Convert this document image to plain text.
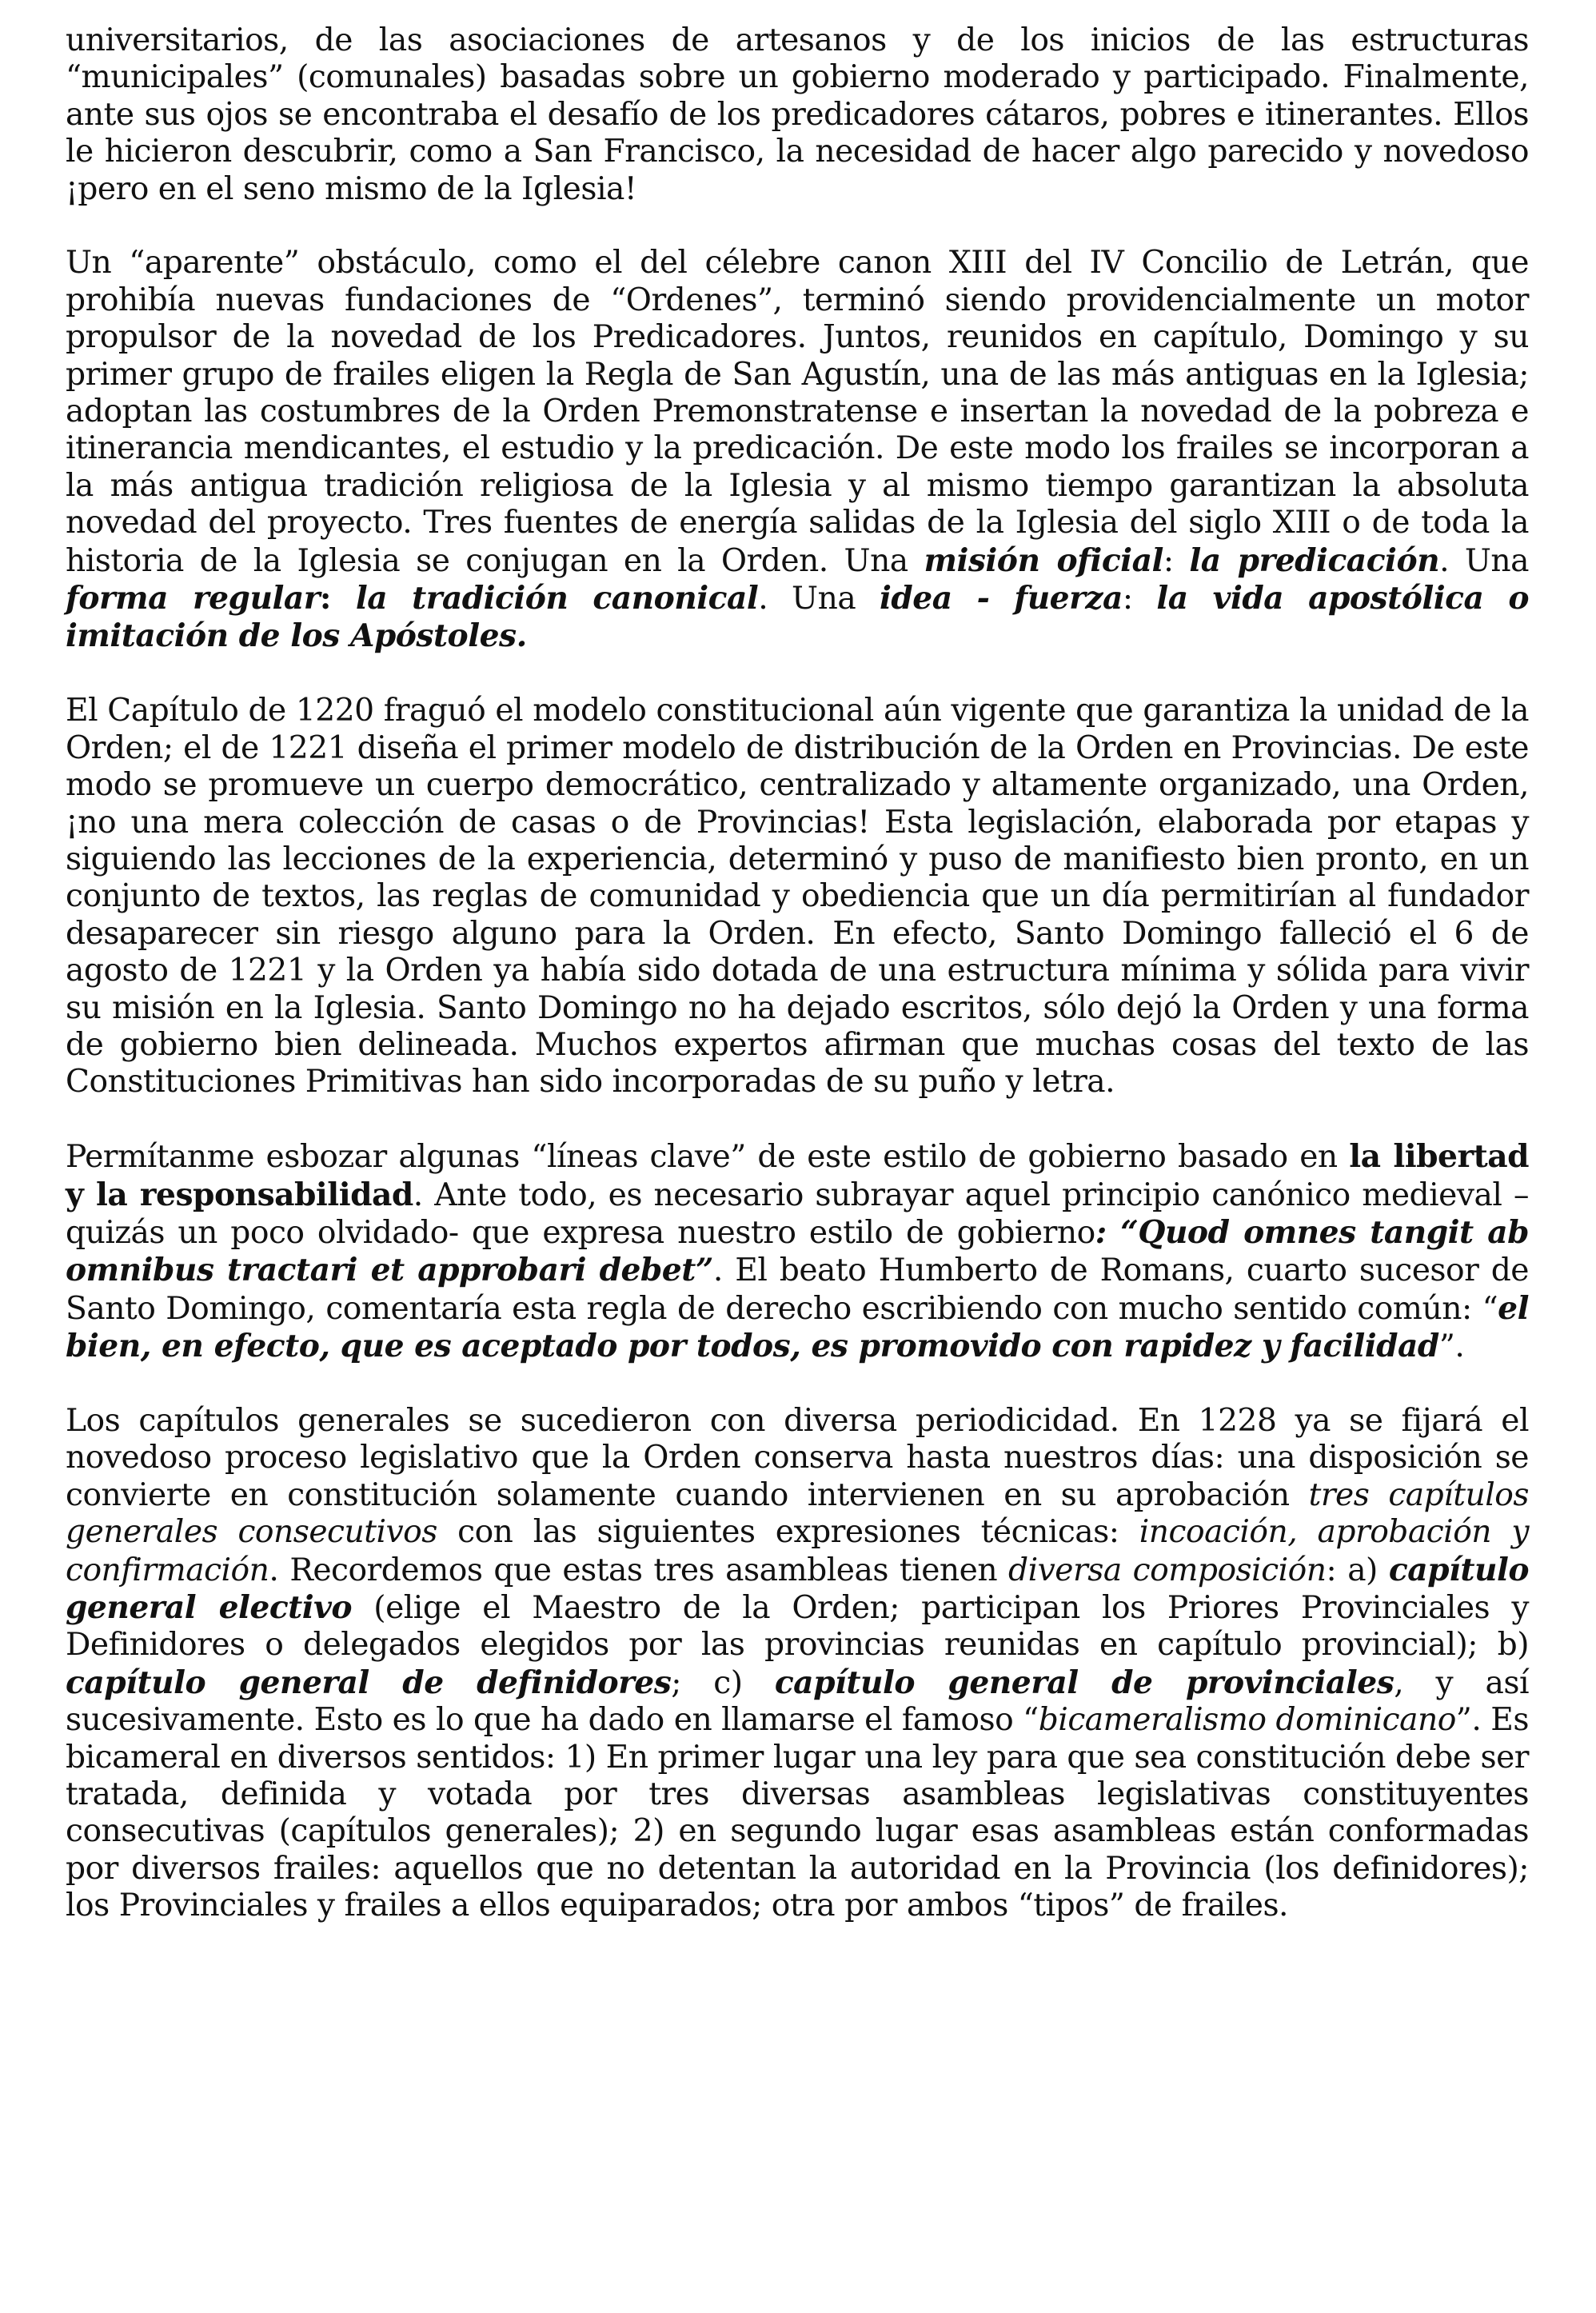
universitarios, de las asociaciones de artesanos y de los inicios de las estructuras “municipales” (comunales) basadas sobre un gobierno moderado y participado. Finalmente, ante sus ojos se encontraba el desafío de los predicadores cátaros, pobres e itinerantes. Ellos le hicieron descubrir, como a San Francisco, la necesidad de hacer algo parecido y novedoso ¡pero en el seno mismo de la Iglesia!

Un “aparente” obstáculo, como el del célebre canon XIII del IV Concilio de Letrán, que prohibía nuevas fundaciones de “Ordenes”, terminó siendo providencialmente un motor propulsor de la novedad de los Predicadores. Juntos, reunidos en capítulo, Domingo y su primer grupo de frailes eligen la Regla de San Agustín, una de las más antiguas en la Iglesia; adoptan las costumbres de la Orden Premonstratense e insertan la novedad de la pobreza e itinerancia mendicantes, el estudio y la predicación. De este modo los frailes se incorporan a la más antigua tradición religiosa de la Iglesia y al mismo tiempo garantizan la absoluta novedad del proyecto. Tres fuentes de energía salidas de la Iglesia del siglo XIII o de toda la historia de la Iglesia se conjugan en la Orden. Una misión oficial: la predicación. Una forma regular: la tradición canonical. Una idea - fuerza: la vida apostólica o imitación de los Apóstoles.

El Capítulo de 1220 fraguó el modelo constitucional aún vigente que garantiza la unidad de la Orden; el de 1221 diseña el primer modelo de distribución de la Orden en Provincias. De este modo se promueve un cuerpo democrático, centralizado y altamente organizado, una Orden, ¡no una mera colección de casas o de Provincias! Esta legislación, elaborada por etapas y siguiendo las lecciones de la experiencia, determinó y puso de manifiesto bien pronto, en un conjunto de textos, las reglas de comunidad y obediencia que un día permitirían al fundador desaparecer sin riesgo alguno para la Orden. En efecto, Santo Domingo falleció el 6 de agosto de 1221 y la Orden ya había sido dotada de una estructura mínima y sólida para vivir su misión en la Iglesia. Santo Domingo no ha dejado escritos, sólo dejó la Orden y una forma de gobierno bien delineada. Muchos expertos afirman que muchas cosas del texto de las Constituciones Primitivas han sido incorporadas de su puño y letra.

Permítanme esbozar algunas “líneas clave” de este estilo de gobierno basado en la libertad y la responsabilidad. Ante todo, es necesario subrayar aquel principio canónico medieval – quizás un poco olvidado- que expresa nuestro estilo de gobierno: “Quod omnes tangit ab omnibus tractari et approbari debet”. El beato Humberto de Romans, cuarto sucesor de Santo Domingo, comentaría esta regla de derecho escribiendo con mucho sentido común: “el bien, en efecto, que es aceptado por todos, es promovido con rapidez y facilidad”.

Los capítulos generales se sucedieron con diversa periodicidad. En 1228 ya se fijará el novedoso proceso legislativo que la Orden conserva hasta nuestros días: una disposición se convierte en constitución solamente cuando intervienen en su aprobación tres capítulos generales consecutivos con las siguientes expresiones técnicas: incoación, aprobación y confirmación. Recordemos que estas tres asambleas tienen diversa composición: a) capítulo general electivo (elige el Maestro de la Orden; participan los Priores Provinciales y Definidores o delegados elegidos por las provincias reunidas en capítulo provincial); b) capítulo general de definidores; c) capítulo general de provinciales, y así sucesivamente. Esto es lo que ha dado en llamarse el famoso “bicameralismo dominicano”. Es bicameral en diversos sentidos: 1) En primer lugar una ley para que sea constitución debe ser tratada, definida y votada por tres diversas asambleas legislativas constituyentes consecutivas (capítulos generales); 2) en segundo lugar esas asambleas están conformadas por diversos frailes: aquellos que no detentan la autoridad en la Provincia (los definidores); los Provinciales y frailes a ellos equiparados; otra por ambos “tipos” de frailes.
